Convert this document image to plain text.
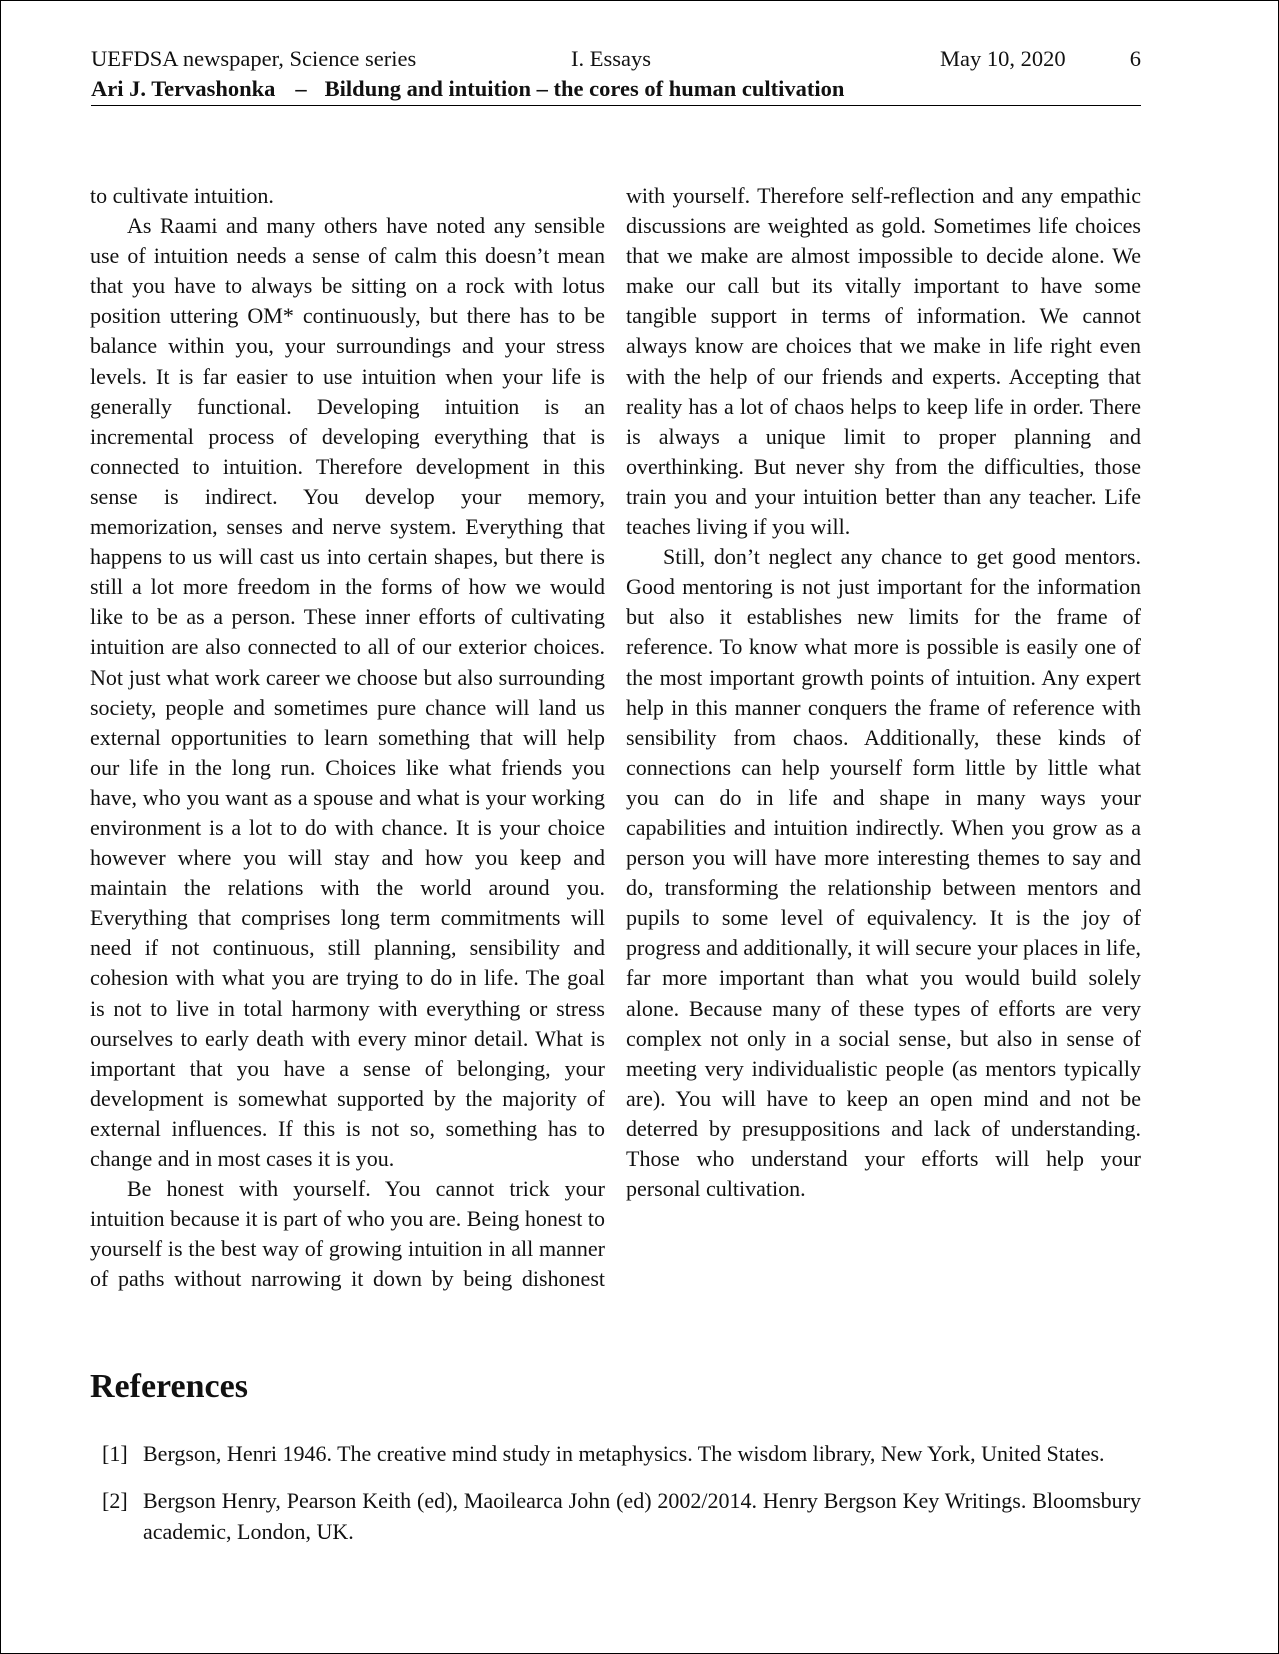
UEFDSA newspaper, Science series	I. Essays	May 10, 2020	6
Ari J. Tervashonka – Bildung and intuition – the cores of human cultivation

to cultivate intuition.

As Raami and many others have noted any sensible use of intuition needs a sense of calm this doesn’t mean that you have to always be sitting on a rock with lotus position uttering OM* continuously, but there has to be balance within you, your surroundings and your stress levels. It is far easier to use intuition when your life is generally functional. Developing intuition is an incremental process of developing everything that is connected to intuition. Therefore development in this sense is indirect. You develop your memory, memorization, senses and nerve system. Everything that happens to us will cast us into certain shapes, but there is still a lot more freedom in the forms of how we would like to be as a person. These inner efforts of cultivating intuition are also connected to all of our exterior choices. Not just what work career we choose but also surrounding society, people and sometimes pure chance will land us external opportunities to learn something that will help our life in the long run. Choices like what friends you have, who you want as a spouse and what is your working environment is a lot to do with chance. It is your choice however where you will stay and how you keep and maintain the relations with the world around you. Everything that comprises long term commitments will need if not continuous, still planning, sensibility and cohesion with what you are trying to do in life. The goal is not to live in total harmony with everything or stress ourselves to early death with every minor detail. What is important that you have a sense of belonging, your development is somewhat supported by the majority of external influences. If this is not so, something has to change and in most cases it is you.

Be honest with yourself. You cannot trick your intuition because it is part of who you are. Being honest to yourself is the best way of growing intuition in all manner of paths without narrowing it down by being dishonest with yourself. Therefore self-reflection and any empathic discussions are weighted as gold. Sometimes life choices that we make are almost impossible to decide alone. We make our call but its vitally important to have some tangible support in terms of information. We cannot always know are choices that we make in life right even with the help of our friends and experts. Accepting that reality has a lot of chaos helps to keep life in order. There is always a unique limit to proper planning and overthinking. But never shy from the difficulties, those train you and your intuition better than any teacher. Life teaches living if you will.

Still, don’t neglect any chance to get good mentors. Good mentoring is not just important for the information but also it establishes new limits for the frame of reference. To know what more is possible is easily one of the most important growth points of intuition. Any expert help in this manner conquers the frame of reference with sensibility from chaos. Additionally, these kinds of connections can help yourself form little by little what you can do in life and shape in many ways your capabilities and intuition indirectly. When you grow as a person you will have more interesting themes to say and do, transforming the relationship between mentors and pupils to some level of equivalency. It is the joy of progress and additionally, it will secure your places in life, far more important than what you would build solely alone. Because many of these types of efforts are very complex not only in a social sense, but also in sense of meeting very individualistic people (as mentors typically are). You will have to keep an open mind and not be deterred by presuppositions and lack of understanding. Those who understand your efforts will help your personal cultivation.

References
[1] Bergson, Henri 1946. The creative mind study in metaphysics. The wisdom library, New York, United States.
[2] Bergson Henry, Pearson Keith (ed), Maoilearca John (ed) 2002/2014. Henry Bergson Key Writings. Bloomsbury academic, London, UK.
